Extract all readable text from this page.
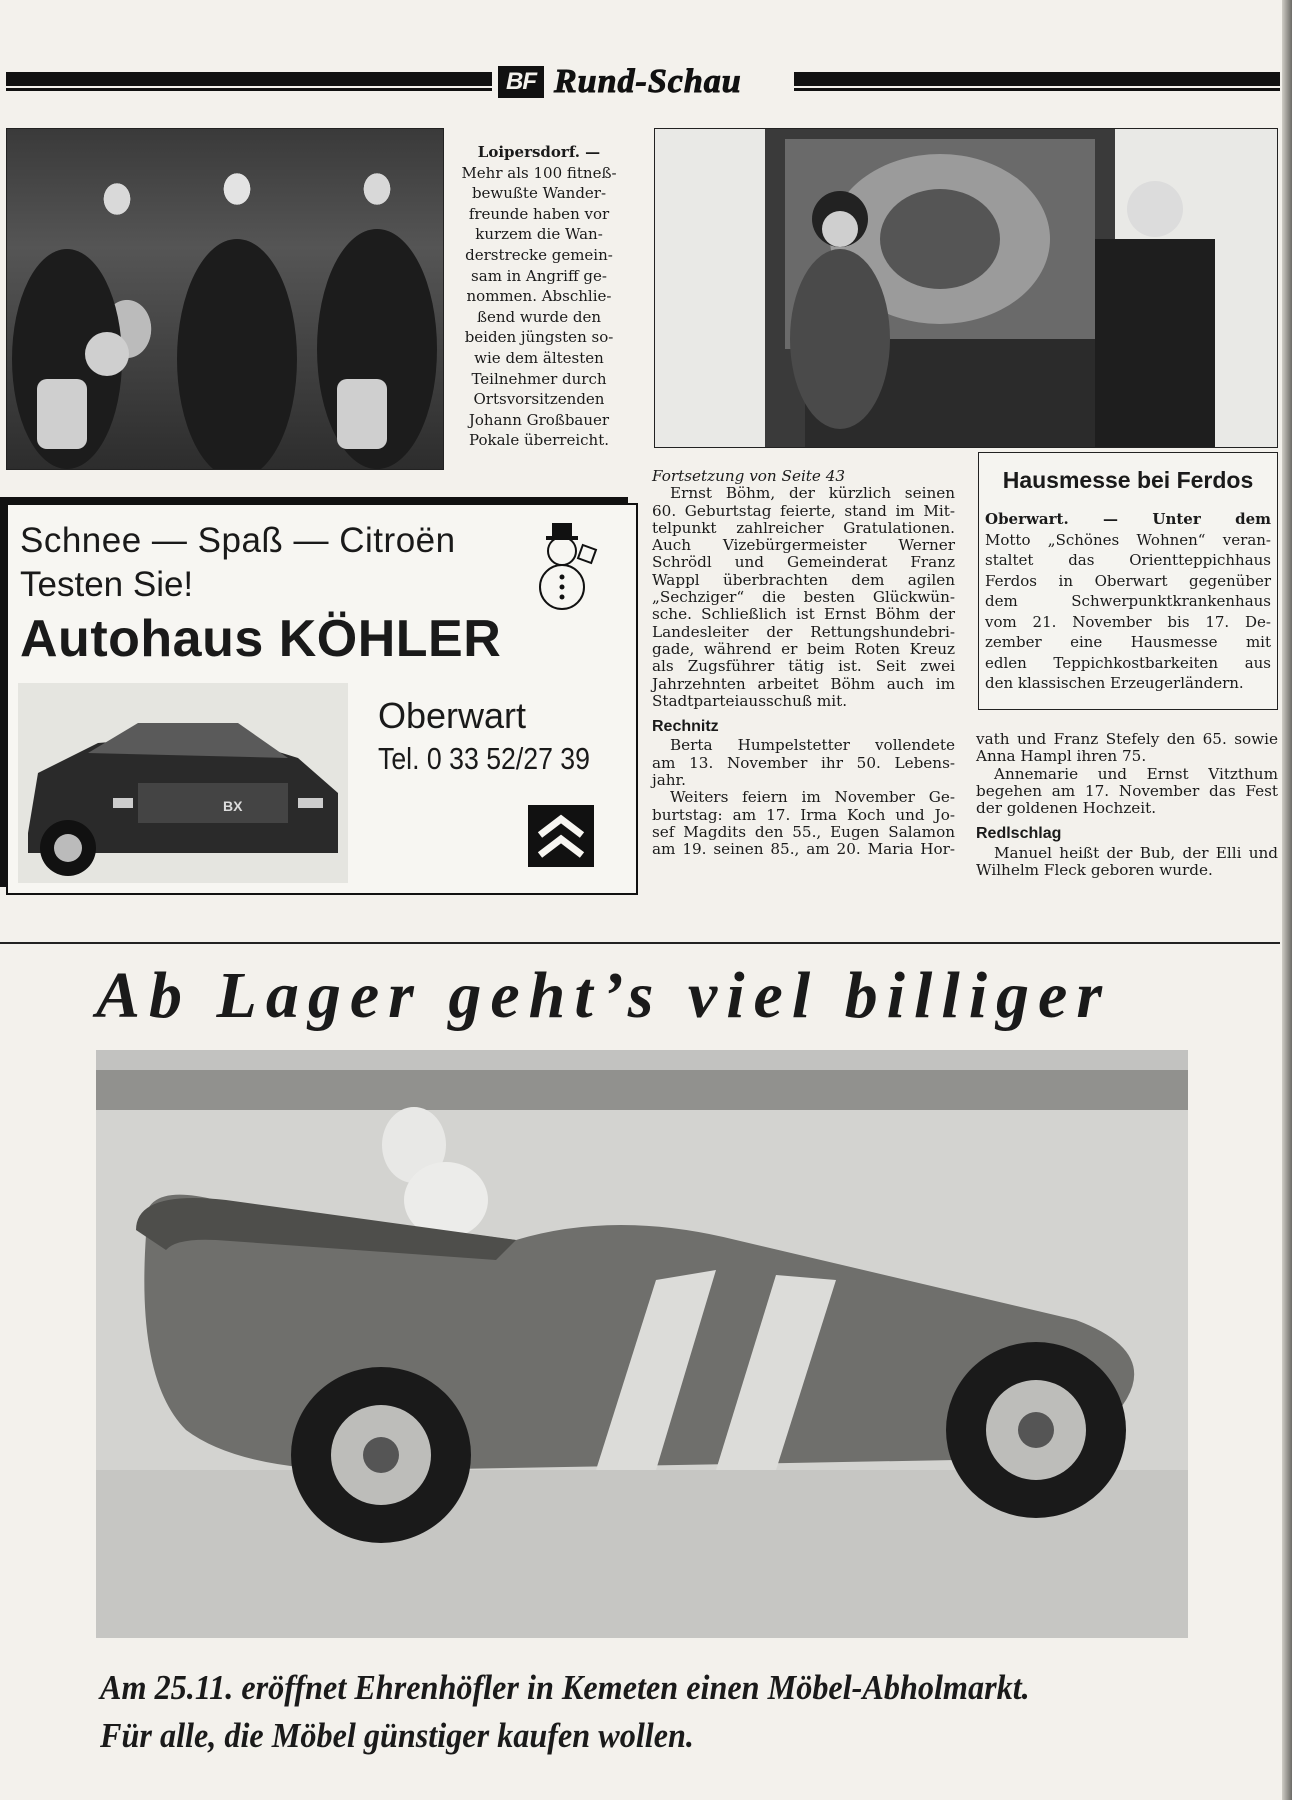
BF Rund-Schau

Loipersdorf. —

Mehr als 100 fitneß-

bewußte Wander-

freunde haben vor

kurzem die Wan-

derstrecke gemein-

sam in Angriff ge-

nommen. Abschlie-

ßend wurde den

beiden jüngsten so-

wie dem ältesten

Teilnehmer durch

Ortsvorsitzenden

Johann Großbauer

Pokale überreicht.

Hausmesse bei Ferdos

Oberwart. — Unter dem

Motto „Schönes Wohnen“ veran-

staltet das Orientteppichhaus

Ferdos in Oberwart gegenüber

dem Schwerpunktkrankenhaus

vom 21. November bis 17. De-

zember eine Hausmesse mit

edlen Teppichkostbarkeiten aus

den klassischen Erzeugerländern.

Schnee — Spaß — Citroën
Testen Sie!
Autohaus KÖHLER
BX
Oberwart
Tel. 0 33 52/27 39

Fortsetzung von Seite 43

Ernst Böhm, der kürzlich seinen

60. Geburtstag feierte, stand im Mit-

telpunkt zahlreicher Gratulationen.

Auch Vizebürgermeister Werner

Schrödl und Gemeinderat Franz

Wappl überbrachten dem agilen

„Sechziger“ die besten Glückwün-

sche. Schließlich ist Ernst Böhm der

Landesleiter der Rettungshundebri-

gade, während er beim Roten Kreuz

als Zugsführer tätig ist. Seit zwei

Jahrzehnten arbeitet Böhm auch im

Stadtparteiausschuß mit.

Rechnitz

Berta Humpelstetter vollendete

am 13. November ihr 50. Lebens-

jahr.

Weiters feiern im November Ge-

burtstag: am 17. Irma Koch und Jo-

sef Magdits den 55., Eugen Salamon

am 19. seinen 85., am 20. Maria Hor-

vath und Franz Stefely den 65. sowie

Anna Hampl ihren 75.

Annemarie und Ernst Vitzthum

begehen am 17. November das Fest

der goldenen Hochzeit.

Redlschlag

Manuel heißt der Bub, der Elli und

Wilhelm Fleck geboren wurde.

Ab Lager geht’s viel billiger
Am 25.11. eröffnet Ehrenhöfler in Kemeten einen Möbel-Abholmarkt.
Für alle, die Möbel günstiger kaufen wollen.
